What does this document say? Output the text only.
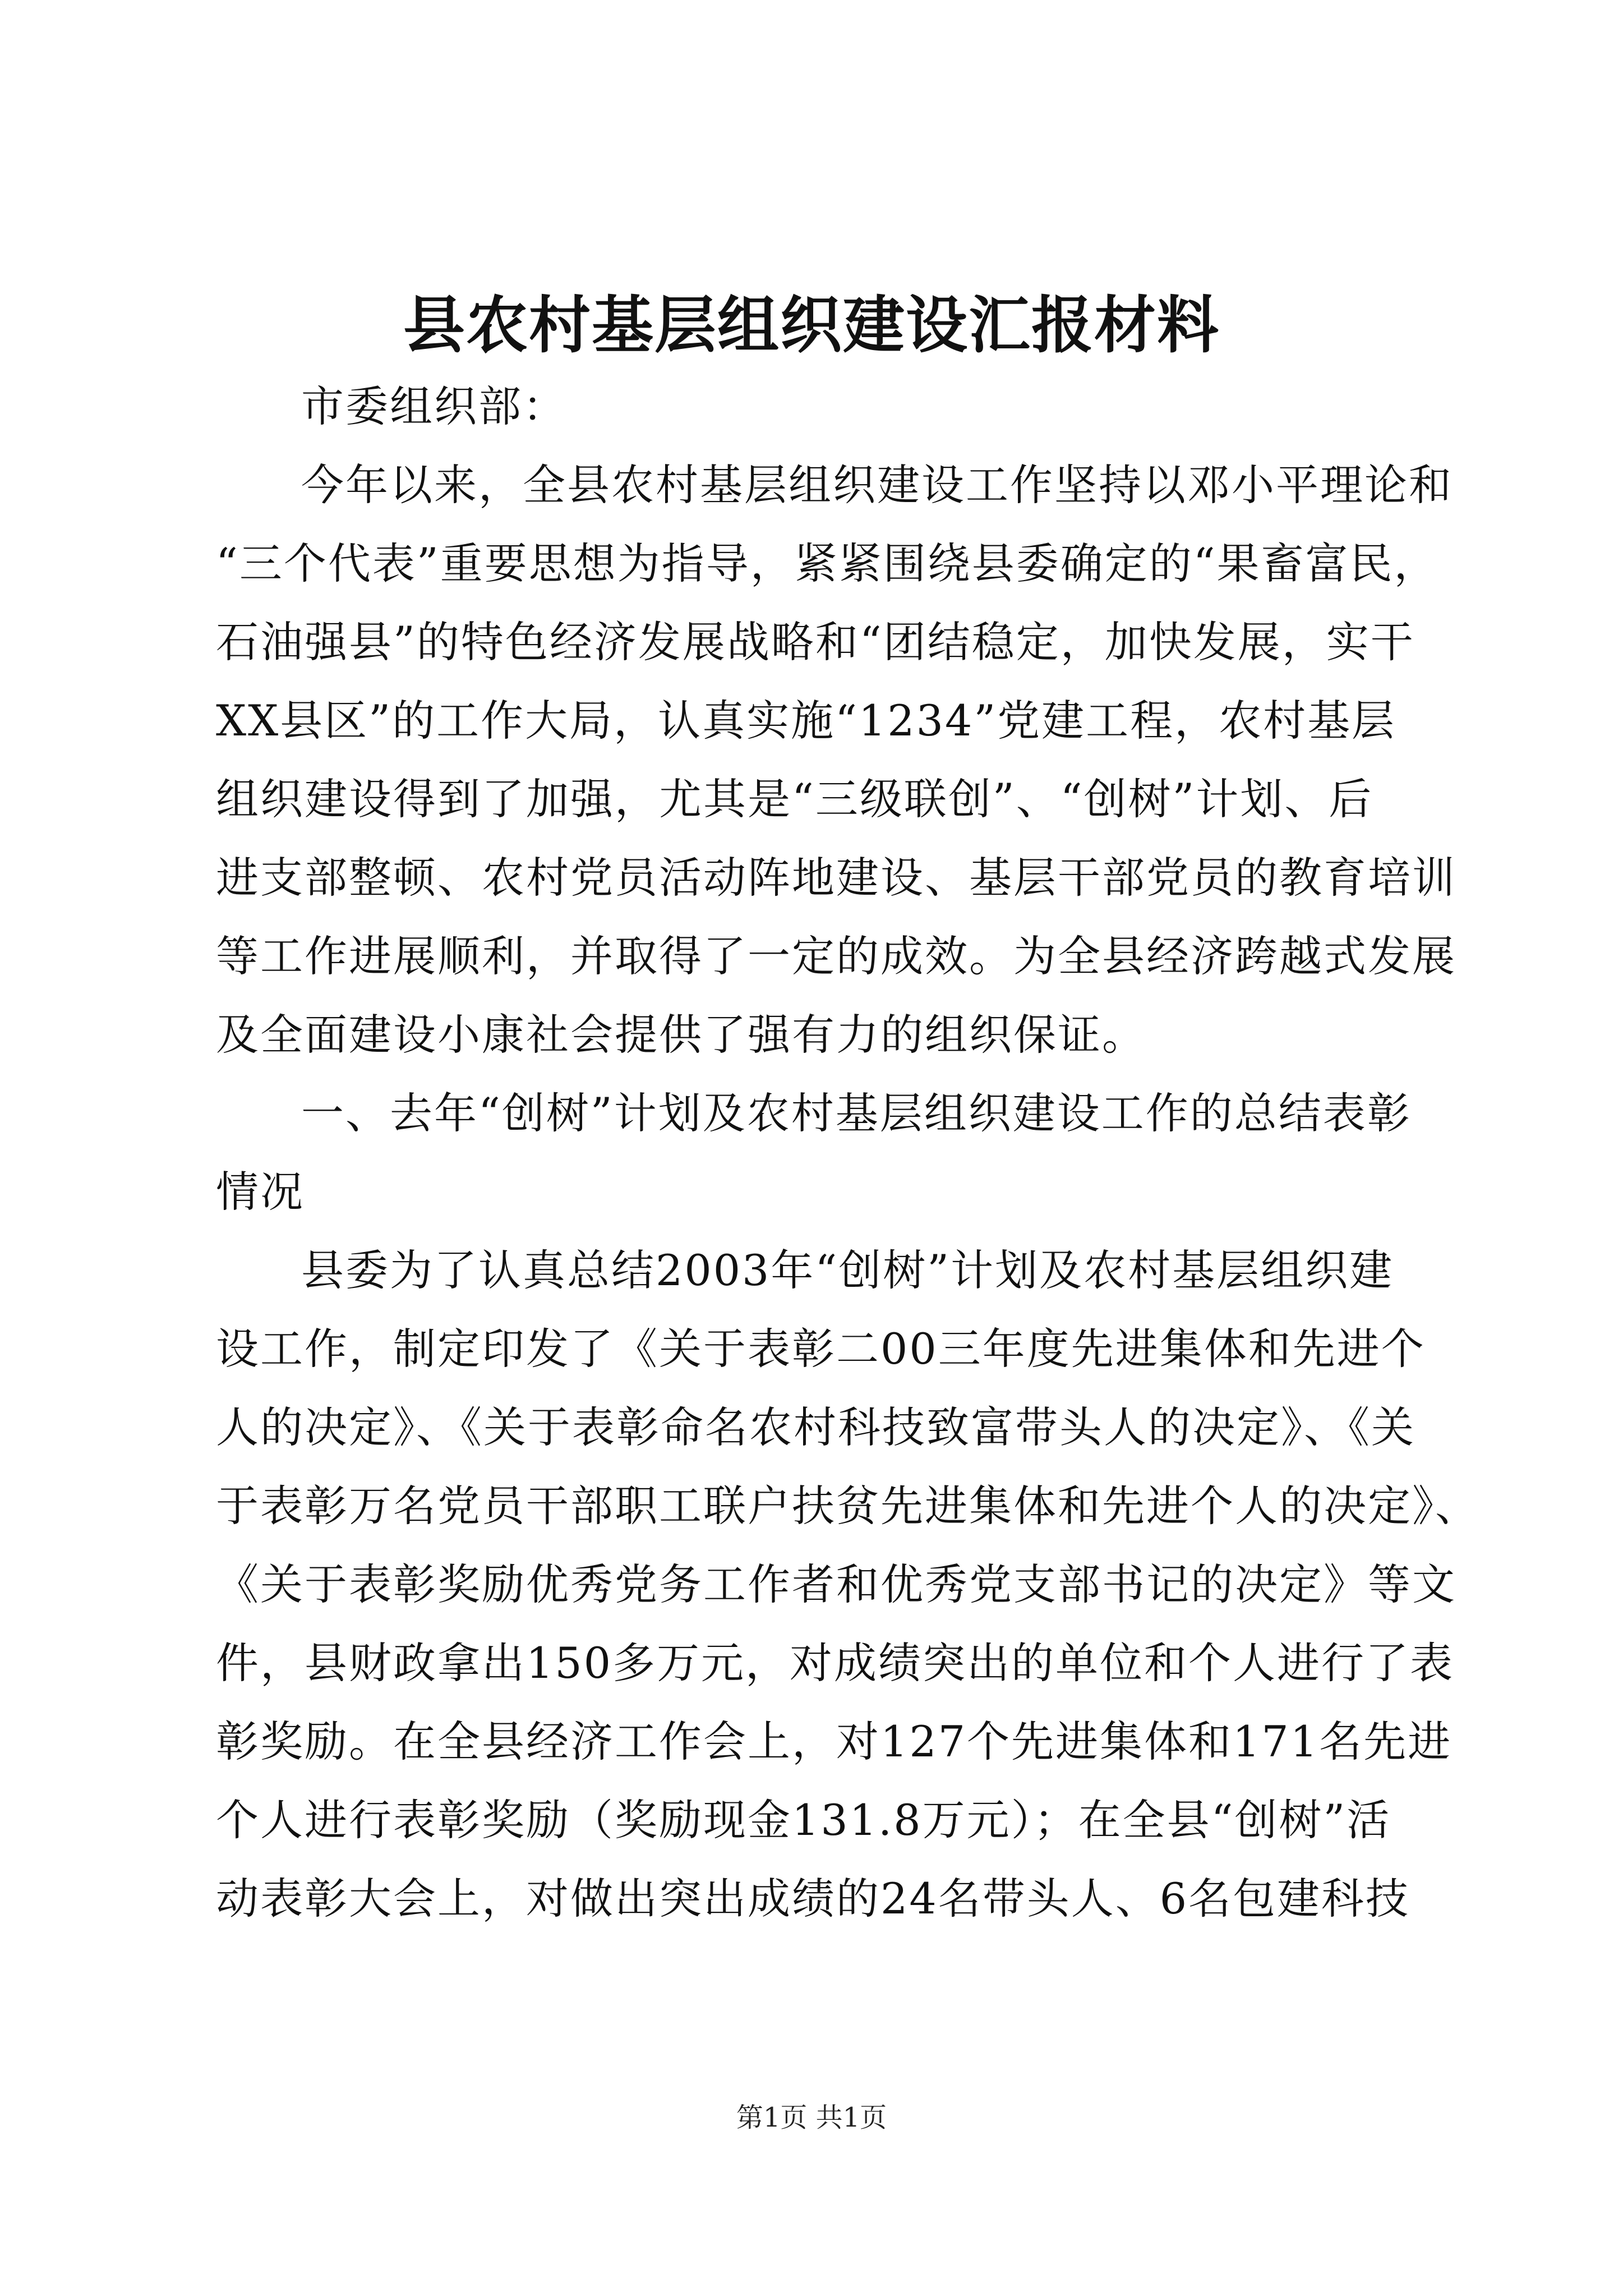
县农村基层组织建设汇报材料
市委组织部：
今年以来，全县农村基层组织建设工作坚持以邓小平理论和
“三个代表”重要思想为指导，紧紧围绕县委确定的“果畜富民，
石油强县”的特色经济发展战略和“团结稳定，加快发展，实干
XX县区”的工作大局，认真实施“1234”党建工程，农村基层
组织建设得到了加强，尤其是“三级联创”、“创树”计划、后
进支部整顿、农村党员活动阵地建设、基层干部党员的教育培训
等工作进展顺利，并取得了一定的成效。为全县经济跨越式发展
及全面建设小康社会提供了强有力的组织保证。
一、去年“创树”计划及农村基层组织建设工作的总结表彰
情况
县委为了认真总结2003年“创树”计划及农村基层组织建
设工作，制定印发了《关于表彰二00三年度先进集体和先进个
人的决定》、《关于表彰命名农村科技致富带头人的决定》、《关
于表彰万名党员干部职工联户扶贫先进集体和先进个人的决定》、
《关于表彰奖励优秀党务工作者和优秀党支部书记的决定》等文
件，县财政拿出150多万元，对成绩突出的单位和个人进行了表
彰奖励。在全县经济工作会上，对127个先进集体和171名先进
个人进行表彰奖励（奖励现金131.8万元）；在全县“创树”活
动表彰大会上，对做出突出成绩的24名带头人、6名包建科技
第1页 共1页
